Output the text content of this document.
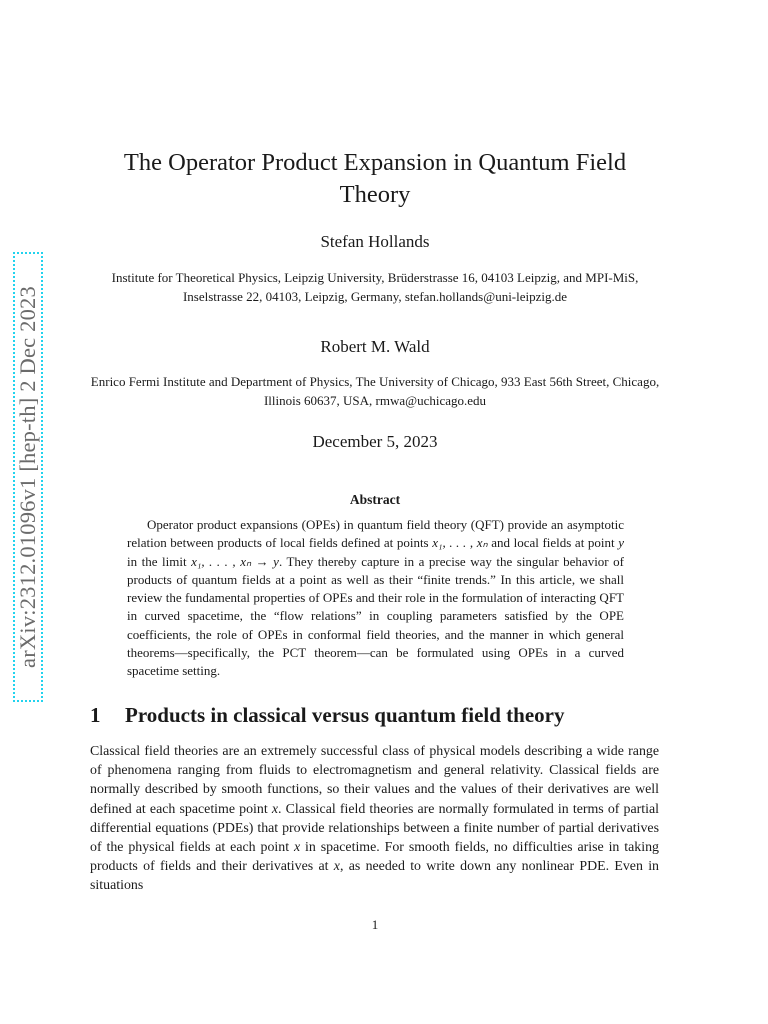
arXiv:2312.01096v1 [hep-th] 2 Dec 2023
The Operator Product Expansion in Quantum Field Theory
Stefan Hollands
Institute for Theoretical Physics, Leipzig University, Brüderstrasse 16, 04103 Leipzig, and MPI-MiS, Inselstrasse 22, 04103, Leipzig, Germany, stefan.hollands@uni-leipzig.de
Robert M. Wald
Enrico Fermi Institute and Department of Physics, The University of Chicago, 933 East 56th Street, Chicago, Illinois 60637, USA, rmwa@uchicago.edu
December 5, 2023
Abstract

Operator product expansions (OPEs) in quantum field theory (QFT) provide an asymptotic relation between products of local fields defined at points x₁, . . . , xₙ and local fields at point y in the limit x₁, . . . , xₙ → y. They thereby capture in a precise way the singular behavior of products of quantum fields at a point as well as their “finite trends.” In this article, we shall review the fundamental properties of OPEs and their role in the formulation of interacting QFT in curved spacetime, the “flow relations” in coupling parameters satisfied by the OPE coefficients, the role of OPEs in conformal field theories, and the manner in which general theorems—specifically, the PCT theorem—can be formulated using OPEs in a curved spacetime setting.

1 Products in classical versus quantum field theory

Classical field theories are an extremely successful class of physical models describing a wide range of phenomena ranging from fluids to electromagnetism and general relativity. Classical fields are normally described by smooth functions, so their values and the values of their derivatives are well defined at each spacetime point x. Classical field theories are normally formulated in terms of partial differential equations (PDEs) that provide relationships between a finite number of partial derivatives of the physical fields at each point x in spacetime. For smooth fields, no difficulties arise in taking products of fields and their derivatives at x, as needed to write down any nonlinear PDE. Even in situations

1
